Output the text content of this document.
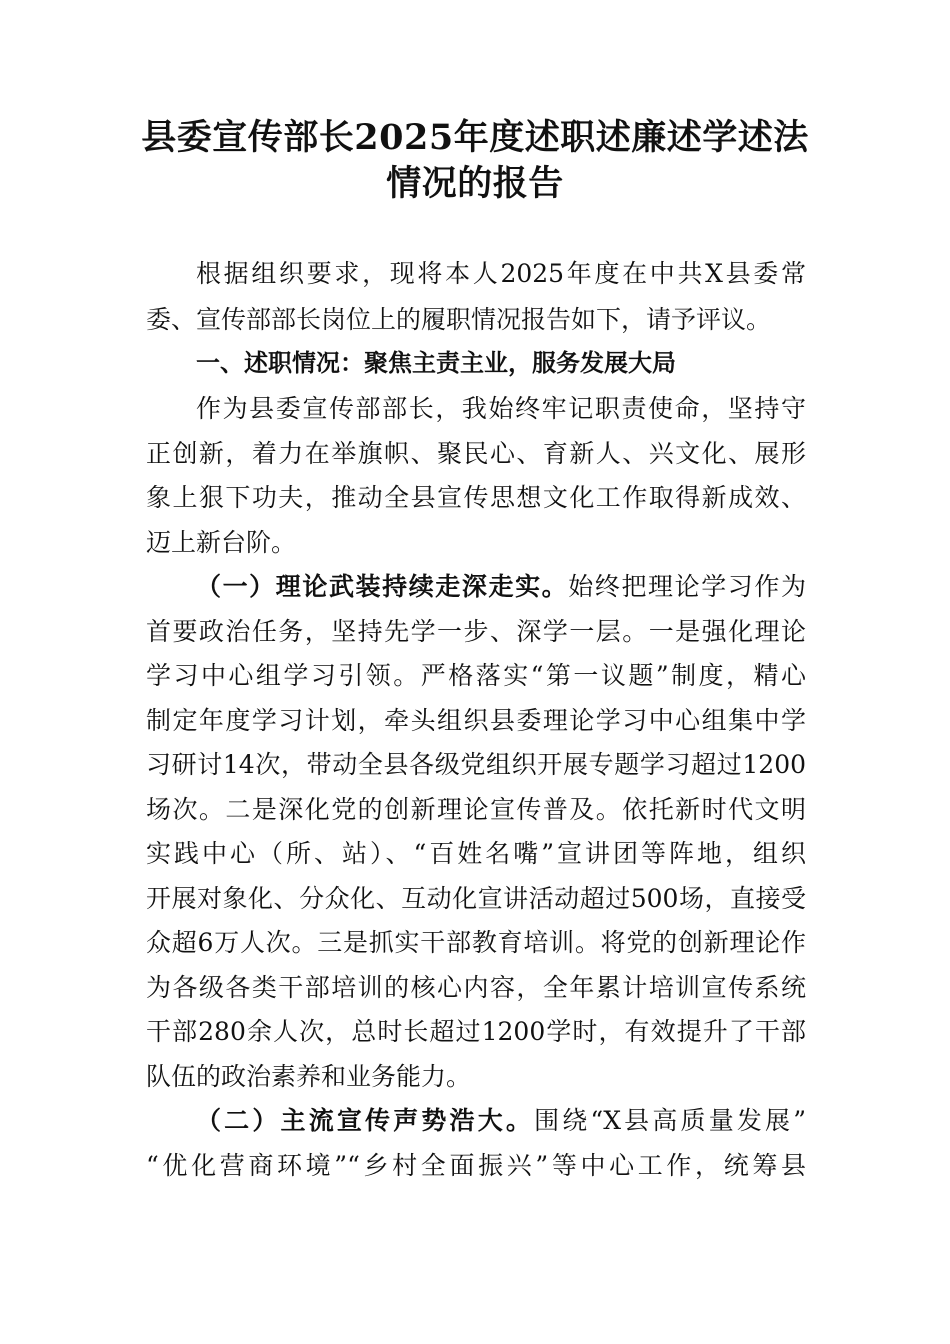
县委宣传部长2025年度述职述廉述学述法
情况的报告

根据组织要求，现将本人2025年度在中共X县委常

委、宣传部部长岗位上的履职情况报告如下，请予评议。

一、述职情况：聚焦主责主业，服务发展大局

作为县委宣传部部长，我始终牢记职责使命，坚持守

正创新，着力在举旗帜、聚民心、育新人、兴文化、展形

象上狠下功夫，推动全县宣传思想文化工作取得新成效、

迈上新台阶。

（一）理论武装持续走深走实。始终把理论学习作为

首要政治任务，坚持先学一步、深学一层。一是强化理论

学习中心组学习引领。严格落实“第一议题”制度，精心

制定年度学习计划，牵头组织县委理论学习中心组集中学

习研讨14次，带动全县各级党组织开展专题学习超过1200

场次。二是深化党的创新理论宣传普及。依托新时代文明

实践中心（所、站）、“百姓名嘴”宣讲团等阵地，组织

开展对象化、分众化、互动化宣讲活动超过500场，直接受

众超6万人次。三是抓实干部教育培训。将党的创新理论作

为各级各类干部培训的核心内容，全年累计培训宣传系统

干部280余人次，总时长超过1200学时，有效提升了干部

队伍的政治素养和业务能力。

（二）主流宣传声势浩大。围绕“X县高质量发展”

“优化营商环境”“乡村全面振兴”等中心工作，统筹县
